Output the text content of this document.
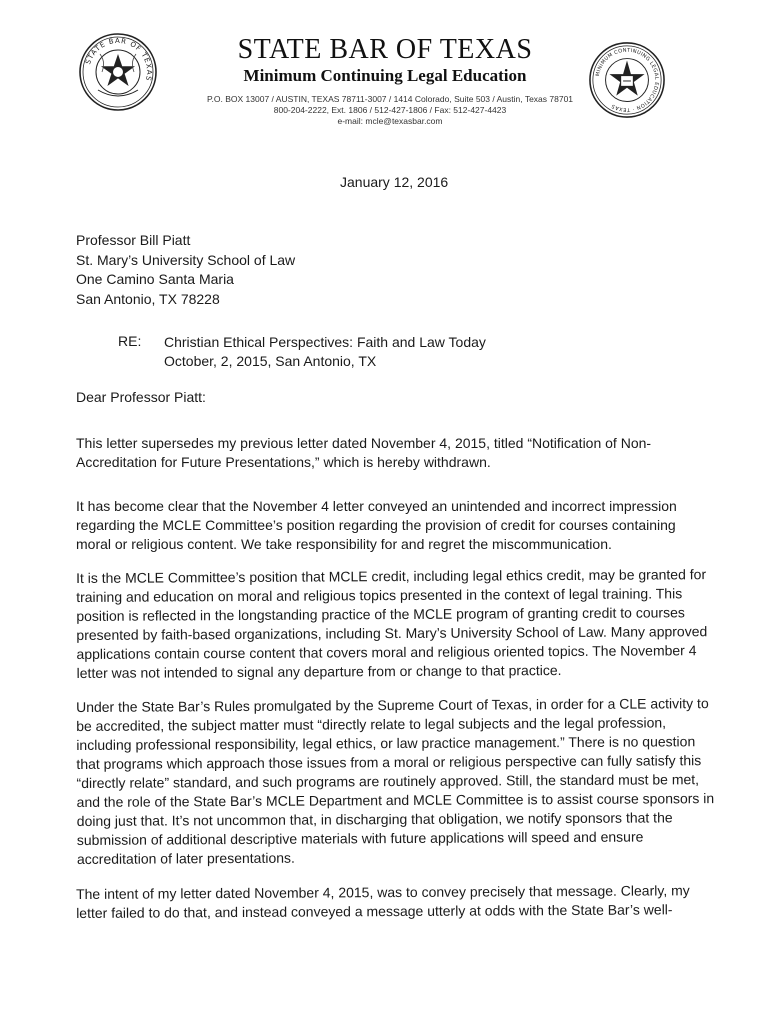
STATE BAR OF TEXAS
MINIMUM CONTINUING LEGAL EDUCATION · TEXAS
STATE BAR OF TEXAS
Minimum Continuing Legal Education
P.O. BOX 13007 / AUSTIN, TEXAS 78711-3007 / 1414 Colorado, Suite 503 / Austin, Texas 78701
800-204-2222, Ext. 1806 / 512-427-1806 / Fax: 512-427-4423
e-mail: mcle@texasbar.com
January 12, 2016
Professor Bill Piatt
St. Mary’s University School of Law
One Camino Santa Maria
San Antonio, TX 78228
RE: Christian Ethical Perspectives: Faith and Law Today
October, 2, 2015, San Antonio, TX
Dear Professor Piatt:
This letter supersedes my previous letter dated November 4, 2015, titled “Notification of Non-
Accreditation for Future Presentations,” which is hereby withdrawn.
It has become clear that the November 4 letter conveyed an unintended and incorrect impression
regarding the MCLE Committee’s position regarding the provision of credit for courses containing
moral or religious content. We take responsibility for and regret the miscommunication.
It is the MCLE Committee’s position that MCLE credit, including legal ethics credit, may be granted for
training and education on moral and religious topics presented in the context of legal training. This
position is reflected in the longstanding practice of the MCLE program of granting credit to courses
presented by faith-based organizations, including St. Mary’s University School of Law. Many approved
applications contain course content that covers moral and religious oriented topics. The November 4
letter was not intended to signal any departure from or change to that practice.
Under the State Bar’s Rules promulgated by the Supreme Court of Texas, in order for a CLE activity to
be accredited, the subject matter must “directly relate to legal subjects and the legal profession,
including professional responsibility, legal ethics, or law practice management.” There is no question
that programs which approach those issues from a moral or religious perspective can fully satisfy this
“directly relate” standard, and such programs are routinely approved. Still, the standard must be met,
and the role of the State Bar’s MCLE Department and MCLE Committee is to assist course sponsors in
doing just that. It’s not uncommon that, in discharging that obligation, we notify sponsors that the
submission of additional descriptive materials with future applications will speed and ensure
accreditation of later presentations.
The intent of my letter dated November 4, 2015, was to convey precisely that message. Clearly, my
letter failed to do that, and instead conveyed a message utterly at odds with the State Bar’s well-
